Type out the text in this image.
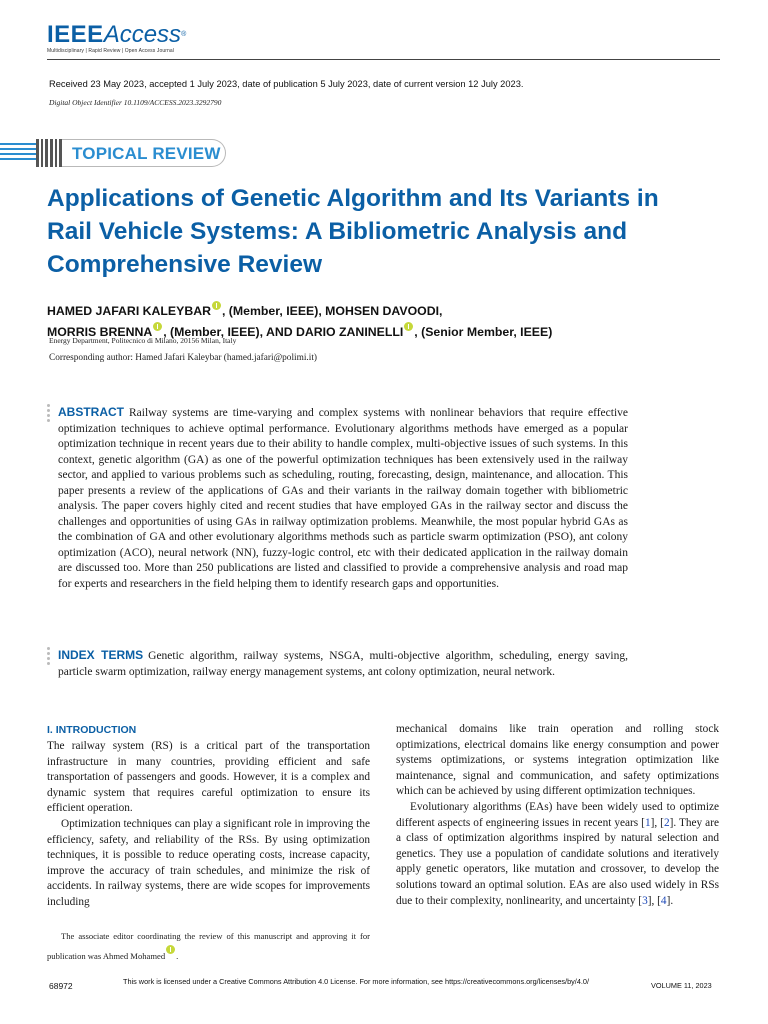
IEEEAccess®
Multidisciplinary | Rapid Review | Open Access Journal
Received 23 May 2023, accepted 1 July 2023, date of publication 5 July 2023, date of current version 12 July 2023.
Digital Object Identifier 10.1109/ACCESS.2023.3292790
TOPICAL REVIEW
Applications of Genetic Algorithm and Its Variants in Rail Vehicle Systems: A Bibliometric Analysis and Comprehensive Review
HAMED JAFARI KALEYBAR , (Member, IEEE), MOHSEN DAVOODI,
MORRIS BRENNA , (Member, IEEE), AND DARIO ZANINELLI , (Senior Member, IEEE)
Energy Department, Politecnico di Milano, 20156 Milan, Italy
Corresponding author: Hamed Jafari Kaleybar (hamed.jafari@polimi.it)
ABSTRACT Railway systems are time-varying and complex systems with nonlinear behaviors that require effective optimization techniques to achieve optimal performance. Evolutionary algorithms methods have emerged as a popular optimization technique in recent years due to their ability to handle complex, multi-objective issues of such systems. In this context, genetic algorithm (GA) as one of the powerful optimization techniques has been extensively used in the railway sector, and applied to various problems such as scheduling, routing, forecasting, design, maintenance, and allocation. This paper presents a review of the applications of GAs and their variants in the railway domain together with bibliometric analysis. The paper covers highly cited and recent studies that have employed GAs in the railway sector and discuss the challenges and opportunities of using GAs in railway optimization problems. Meanwhile, the most popular hybrid GAs as the combination of GA and other evolutionary algorithms methods such as particle swarm optimization (PSO), ant colony optimization (ACO), neural network (NN), fuzzy-logic control, etc with their dedicated application in the railway domain are discussed too. More than 250 publications are listed and classified to provide a comprehensive analysis and road map for experts and researchers in the field helping them to identify research gaps and opportunities.
INDEX TERMS Genetic algorithm, railway systems, NSGA, multi-objective algorithm, scheduling, energy saving, particle swarm optimization, railway energy management systems, ant colony optimization, neural network.
I. INTRODUCTION

The railway system (RS) is a critical part of the transportation infrastructure in many countries, providing efficient and safe transportation of passengers and goods. However, it is a complex and dynamic system that requires careful optimization to ensure its efficient operation.

Optimization techniques can play a significant role in improving the efficiency, safety, and reliability of the RSs. By using optimization techniques, it is possible to reduce operating costs, increase capacity, improve the accuracy of train schedules, and minimize the risk of accidents. In railway systems, there are wide scopes for improvements including

mechanical domains like train operation and rolling stock optimizations, electrical domains like energy consumption and power systems optimizations, or systems integration optimization like maintenance, signal and communication, and safety optimizations which can be achieved by using different optimization techniques.

Evolutionary algorithms (EAs) have been widely used to optimize different aspects of engineering issues in recent years [1], [2]. They are a class of optimization algorithms inspired by natural selection and genetics. They use a population of candidate solutions and iteratively apply genetic operators, like mutation and crossover, to develop the solutions toward an optimal solution. EAs are also used widely in RSs due to their complexity, nonlinearity, and uncertainty [3], [4].

The associate editor coordinating the review of this manuscript and approving it for publication was Ahmed Mohamed .
68972	This work is licensed under a Creative Commons Attribution 4.0 License. For more information, see https://creativecommons.org/licenses/by/4.0/	VOLUME 11, 2023
